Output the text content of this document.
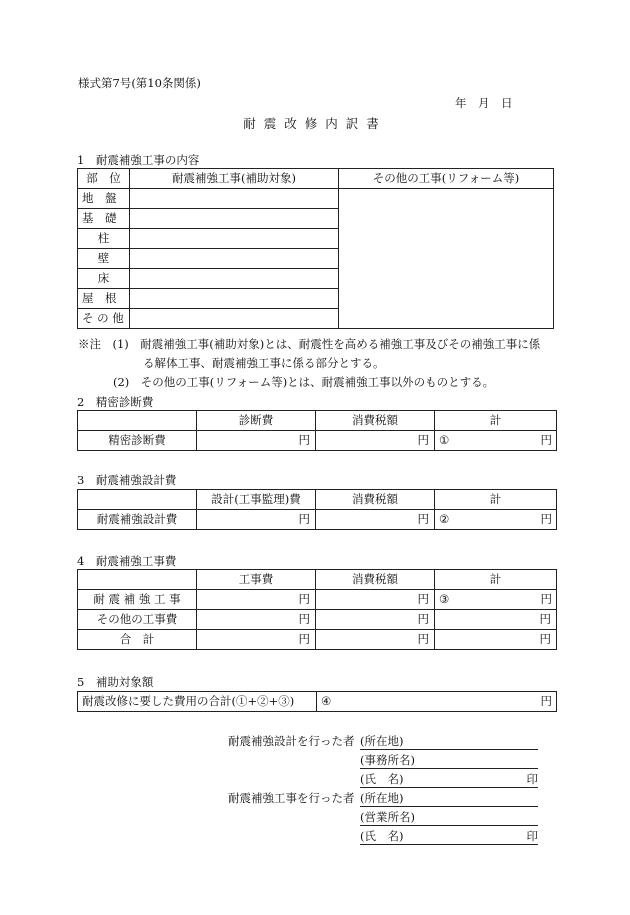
様式第7号(第10条関係)
年　月　日
耐震改修内訳書
1　耐震補強工事の内容
部　位	耐震補強工事(補助対象)	その他の工事(リフォーム等)
地　盤		
基　礎		
柱		
壁		
床		
屋　根		
そ の 他		
※注　(1)　耐震補強工事(補助対象)とは、耐震性を高める補強工事及びその補強工事に係
る解体工事、耐震補強工事に係る部分とする。
(2)　その他の工事(リフォーム等)とは、耐震補強工事以外のものとする。
2　精密診断費
	診断費	消費税額	計
精密診断費	円	円	① 円
3　耐震補強設計費
	設計(工事監理)費	消費税額	計
耐震補強設計費	円	円	② 円
4　耐震補強工事費
	工事費	消費税額	計
耐 震 補 強 工 事	円	円	③ 円

その他の工事費	円	円	円
合　計	円	円	円
5　補助対象額
耐震改修に要した費用の合計(①+②+③)	④	円
耐震補強設計を行った者 (所在地)
(事務所名)
(氏　名)	印
耐震補強工事を行った者 (所在地)
(営業所名)
(氏　名)	印
